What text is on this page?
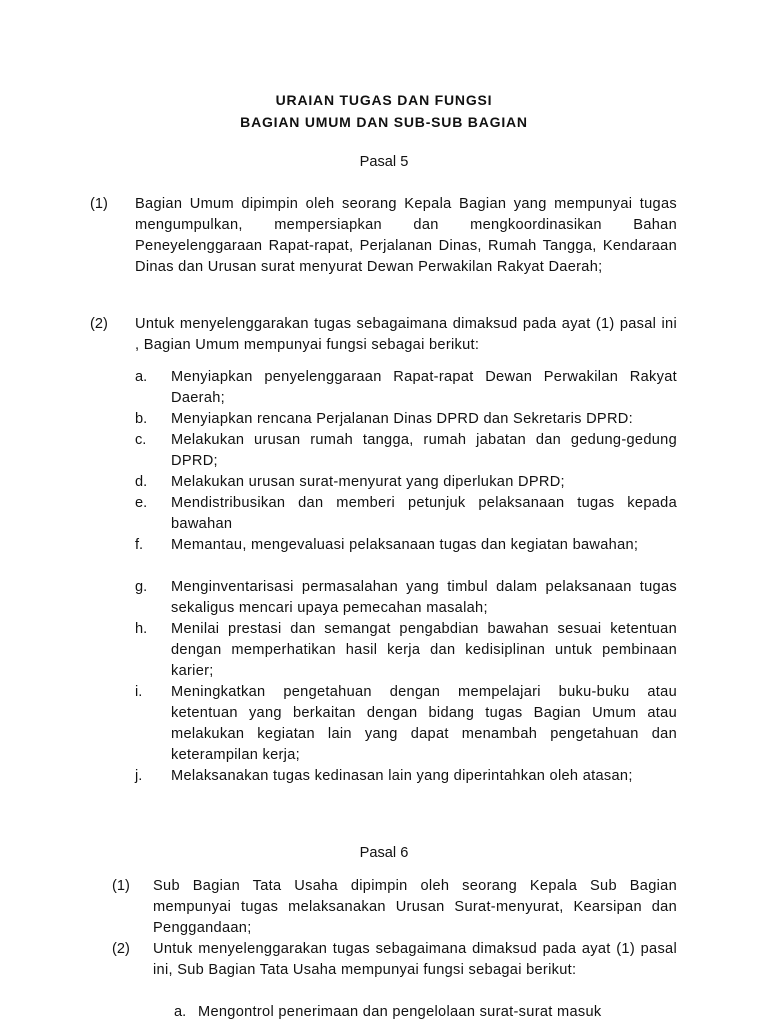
URAIAN TUGAS DAN FUNGSI
BAGIAN UMUM DAN SUB-SUB BAGIAN
Pasal 5
(1) Bagian Umum dipimpin oleh seorang Kepala Bagian yang mempunyai tugas mengumpulkan, mempersiapkan dan mengkoordinasikan Bahan Peneyelenggaraan Rapat-rapat, Perjalanan Dinas, Rumah Tangga, Kendaraan Dinas dan Urusan surat menyurat Dewan Perwakilan Rakyat Daerah;
(2) Untuk menyelenggarakan tugas sebagaimana dimaksud pada ayat (1) pasal ini , Bagian Umum mempunyai fungsi sebagai berikut:
a. Menyiapkan penyelenggaraan Rapat-rapat Dewan Perwakilan Rakyat Daerah;
b. Menyiapkan rencana Perjalanan Dinas DPRD dan Sekretaris DPRD:
c. Melakukan urusan rumah tangga, rumah jabatan dan gedung-gedung DPRD;
d. Melakukan urusan surat-menyurat yang diperlukan DPRD;
e. Mendistribusikan dan memberi petunjuk pelaksanaan tugas kepada bawahan
f. Memantau, mengevaluasi pelaksanaan tugas dan kegiatan bawahan;
g. Menginventarisasi permasalahan yang timbul dalam pelaksanaan tugas sekaligus mencari upaya pemecahan masalah;
h. Menilai prestasi dan semangat pengabdian bawahan sesuai ketentuan dengan memperhatikan hasil kerja dan kedisiplinan untuk pembinaan karier;
i. Meningkatkan pengetahuan dengan mempelajari buku-buku atau ketentuan yang berkaitan dengan bidang tugas Bagian Umum atau melakukan kegiatan lain yang dapat menambah pengetahuan dan keterampilan kerja;
j. Melaksanakan tugas kedinasan lain yang diperintahkan oleh atasan;
Pasal 6
(1) Sub Bagian Tata Usaha dipimpin oleh seorang Kepala Sub Bagian mempunyai tugas melaksanakan Urusan Surat-menyurat, Kearsipan dan Penggandaan;
(2) Untuk menyelenggarakan tugas sebagaimana dimaksud pada ayat (1) pasal ini, Sub Bagian Tata Usaha mempunyai fungsi sebagai berikut:
a. Mengontrol penerimaan dan pengelolaan surat-surat masuk
